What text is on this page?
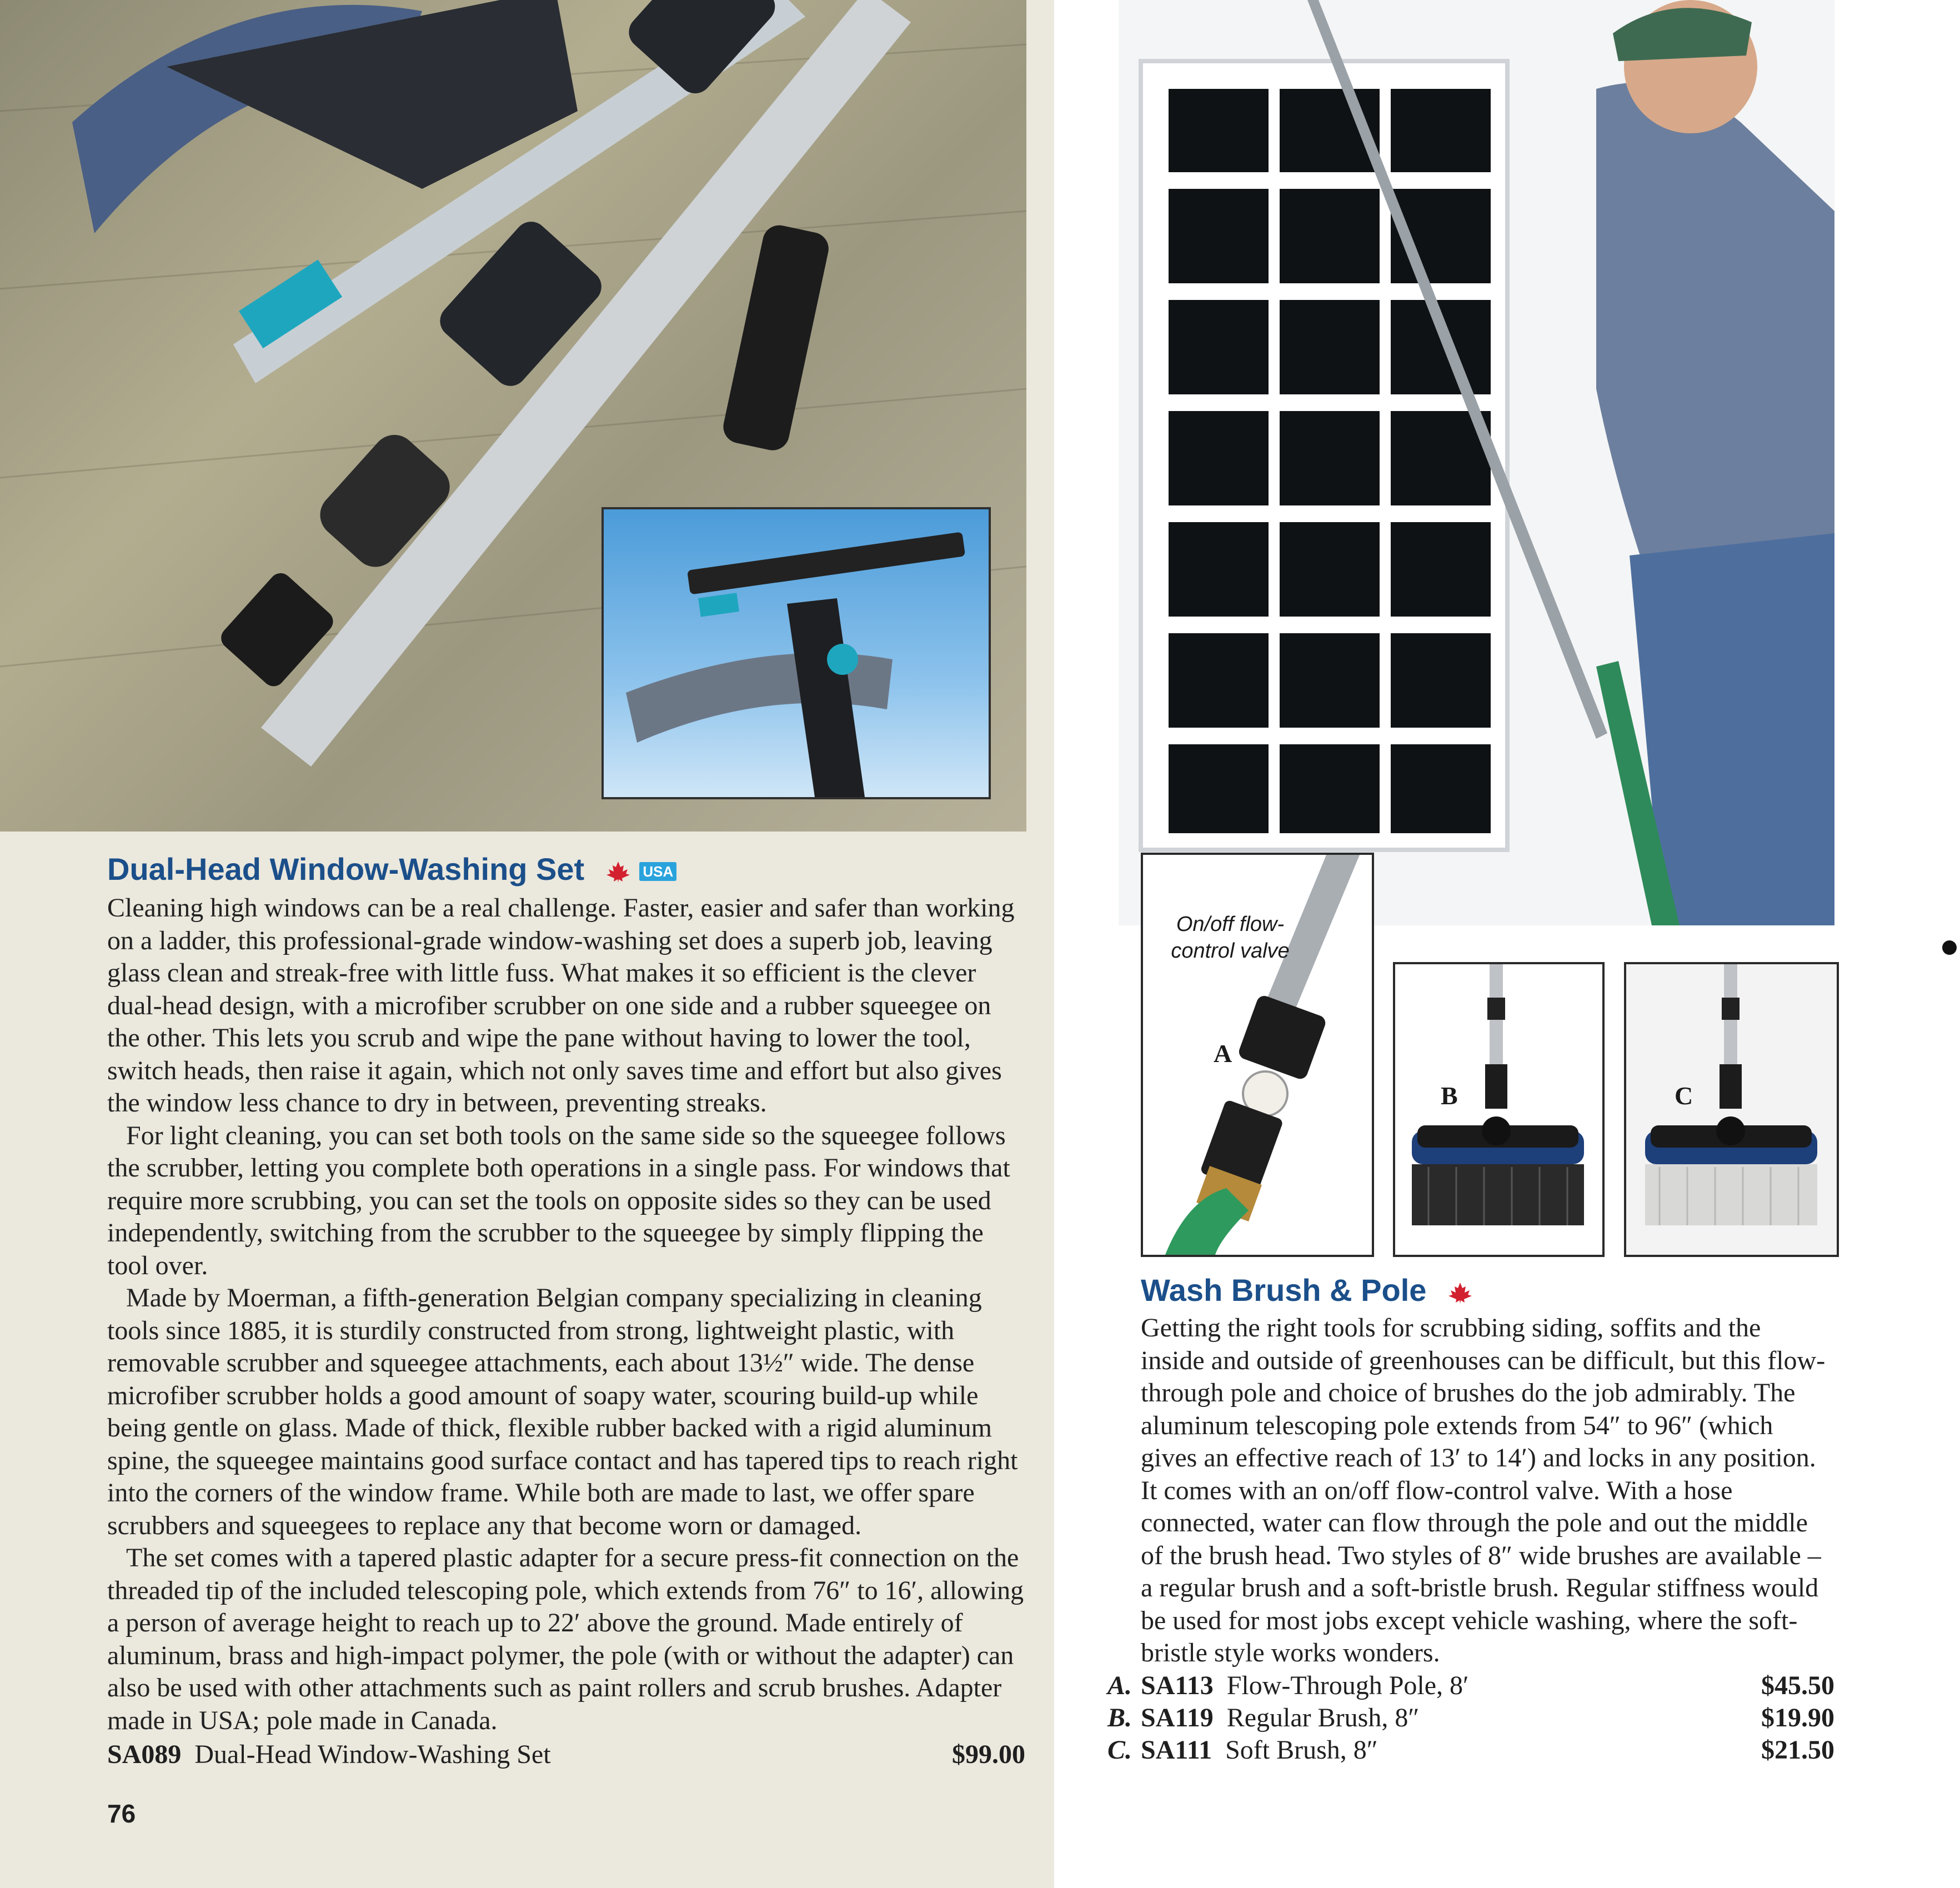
Dual-Head Window-Washing Set	USA

Cleaning high windows can be a real challenge. Faster, easier and safer than working on a ladder, this professional-grade window-washing set does a superb job, leaving glass clean and streak-free with little fuss. What makes it so efficient is the clever dual-head design, with a microfiber scrubber on one side and a rubber squeegee on the other. This lets you scrub and wipe the pane without having to lower the tool, switch heads, then raise it again, which not only saves time and effort but also gives the window less chance to dry in between, preventing streaks.

For light cleaning, you can set both tools on the same side so the squeegee follows the scrubber, letting you complete both operations in a single pass. For windows that require more scrubbing, you can set the tools on opposite sides so they can be used independently, switching from the scrubber to the squeegee by simply flipping the tool over.

Made by Moerman, a fifth-generation Belgian company specializing in cleaning tools since 1885, it is sturdily constructed from strong, lightweight plastic, with removable scrubber and squeegee attachments, each about 13½″ wide. The dense microfiber scrubber holds a good amount of soapy water, scouring build-up while being gentle on glass. Made of thick, flexible rubber backed with a rigid aluminum spine, the squeegee maintains good surface contact and has tapered tips to reach right into the corners of the window frame. While both are made to last, we offer spare scrubbers and squeegees to replace any that become worn or damaged.

The set comes with a tapered plastic adapter for a secure press-fit connection on the threaded tip of the included telescoping pole, which extends from 76″ to 16′, allowing a person of average height to reach up to 22′ above the ground. Made entirely of aluminum, brass and high-impact polymer, the pole (with or without the adapter) can also be used with other attachments such as paint rollers and scrub brushes. Adapter made in USA; pole made in Canada.

SA089 Dual-Head Window-Washing Set	$99.00
76
On/off flow-control valve
A
B	C
Wash Brush & Pole

Getting the right tools for scrubbing siding, soffits and the inside and outside of greenhouses can be difficult, but this flow-through pole and choice of brushes do the job admirably. The aluminum telescoping pole extends from 54″ to 96″ (which gives an effective reach of 13′ to 14′) and locks in any position. It comes with an on/off flow-control valve. With a hose connected, water can flow through the pole and out the middle of the brush head. Two styles of 8″ wide brushes are available – a regular brush and a soft-bristle brush. Regular stiffness would be used for most jobs except vehicle washing, where the soft-bristle style works wonders.

A. SA113 Flow-Through Pole, 8′	$45.50
B. SA119 Regular Brush, 8″	$19.90
C. SA111 Soft Brush, 8″	$21.50
